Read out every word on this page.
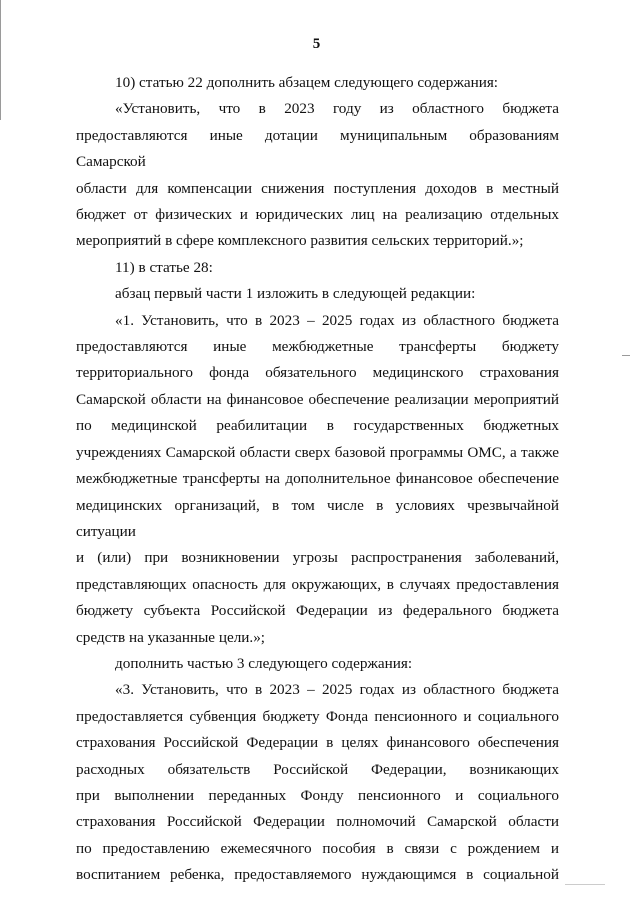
5
10) статью 22 дополнить абзацем следующего содержания:
«Установить, что в 2023 году из областного бюджета
предоставляются иные дотации муниципальным образованиям Самарской
области для компенсации снижения поступления доходов в местный
бюджет от физических и юридических лиц на реализацию отдельных
мероприятий в сфере комплексного развития сельских территорий.»;
11) в статье 28:
абзац первый части 1 изложить в следующей редакции:
«1. Установить, что в 2023 – 2025 годах из областного бюджета
предоставляются иные межбюджетные трансферты бюджету
территориального фонда обязательного медицинского страхования
Самарской области на финансовое обеспечение реализации мероприятий
по медицинской реабилитации в государственных бюджетных
учреждениях Самарской области сверх базовой программы ОМС, а также
межбюджетные трансферты на дополнительное финансовое обеспечение
медицинских организаций, в том числе в условиях чрезвычайной ситуации
и (или) при возникновении угрозы распространения заболеваний,
представляющих опасность для окружающих, в случаях предоставления
бюджету субъекта Российской Федерации из федерального бюджета
средств на указанные цели.»;
дополнить частью 3 следующего содержания:
«3. Установить, что в 2023 – 2025 годах из областного бюджета
предоставляется субвенция бюджету Фонда пенсионного и социального
страхования Российской Федерации в целях финансового обеспечения
расходных обязательств Российской Федерации, возникающих
при выполнении переданных Фонду пенсионного и социального
страхования Российской Федерации полномочий Самарской области
по предоставлению ежемесячного пособия в связи с рождением и
воспитанием ребенка, предоставляемого нуждающимся в социальной
